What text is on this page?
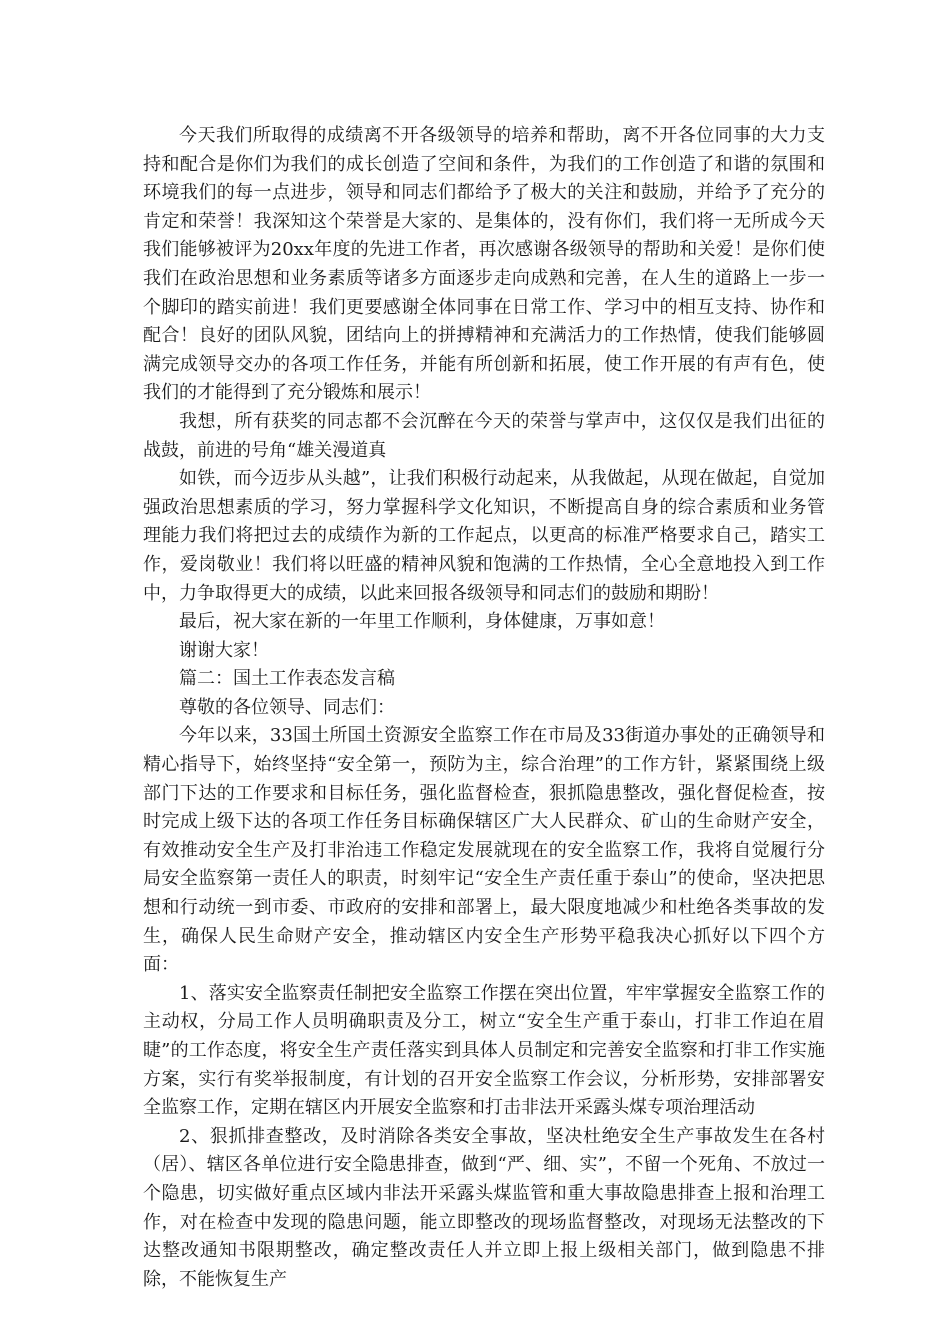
今天我们所取得的成绩离不开各级领导的培养和帮助，离不开各位同事的大力支持和配合是你们为我们的成长创造了空间和条件，为我们的工作创造了和谐的氛围和环境我们的每一点进步，领导和同志们都给予了极大的关注和鼓励，并给予了充分的肯定和荣誉！我深知这个荣誉是大家的、是集体的，没有你们，我们将一无所成今天我们能够被评为20xx年度的先进工作者，再次感谢各级领导的帮助和关爱！是你们使我们在政治思想和业务素质等诸多方面逐步走向成熟和完善，在人生的道路上一步一个脚印的踏实前进！我们更要感谢全体同事在日常工作、学习中的相互支持、协作和配合！良好的团队风貌，团结向上的拼搏精神和充满活力的工作热情，使我们能够圆满完成领导交办的各项工作任务，并能有所创新和拓展，使工作开展的有声有色，使我们的才能得到了充分锻炼和展示！

我想，所有获奖的同志都不会沉醉在今天的荣誉与掌声中，这仅仅是我们出征的战鼓，前进的号角“雄关漫道真

如铁，而今迈步从头越”，让我们积极行动起来，从我做起，从现在做起，自觉加强政治思想素质的学习，努力掌握科学文化知识，不断提高自身的综合素质和业务管理能力我们将把过去的成绩作为新的工作起点，以更高的标准严格要求自己，踏实工作，爱岗敬业！我们将以旺盛的精神风貌和饱满的工作热情，全心全意地投入到工作中，力争取得更大的成绩，以此来回报各级领导和同志们的鼓励和期盼！

最后，祝大家在新的一年里工作顺利，身体健康，万事如意！

谢谢大家！

篇二：国土工作表态发言稿

尊敬的各位领导、同志们：

今年以来，33国土所国土资源安全监察工作在市局及33街道办事处的正确领导和精心指导下，始终坚持“安全第一，预防为主，综合治理”的工作方针，紧紧围绕上级部门下达的工作要求和目标任务，强化监督检查，狠抓隐患整改，强化督促检查，按时完成上级下达的各项工作任务目标确保辖区广大人民群众、矿山的生命财产安全，有效推动安全生产及打非治违工作稳定发展就现在的安全监察工作，我将自觉履行分局安全监察第一责任人的职责，时刻牢记“安全生产责任重于泰山”的使命，坚决把思想和行动统一到市委、市政府的安排和部署上，最大限度地减少和杜绝各类事故的发生，确保人民生命财产安全，推动辖区内安全生产形势平稳我决心抓好以下四个方面：

1、落实安全监察责任制把安全监察工作摆在突出位置，牢牢掌握安全监察工作的主动权，分局工作人员明确职责及分工，树立“安全生产重于泰山，打非工作迫在眉睫”的工作态度，将安全生产责任落实到具体人员制定和完善安全监察和打非工作实施方案，实行有奖举报制度，有计划的召开安全监察工作会议，分析形势，安排部署安全监察工作，定期在辖区内开展安全监察和打击非法开采露头煤专项治理活动

2、狠抓排查整改，及时消除各类安全事故，坚决杜绝安全生产事故发生在各村（居）、辖区各单位进行安全隐患排查，做到“严、细、实”，不留一个死角、不放过一个隐患，切实做好重点区域内非法开采露头煤监管和重大事故隐患排查上报和治理工作，对在检查中发现的隐患问题，能立即整改的现场监督整改，对现场无法整改的下达整改通知书限期整改，确定整改责任人并立即上报上级相关部门，做到隐患不排除，不能恢复生产
